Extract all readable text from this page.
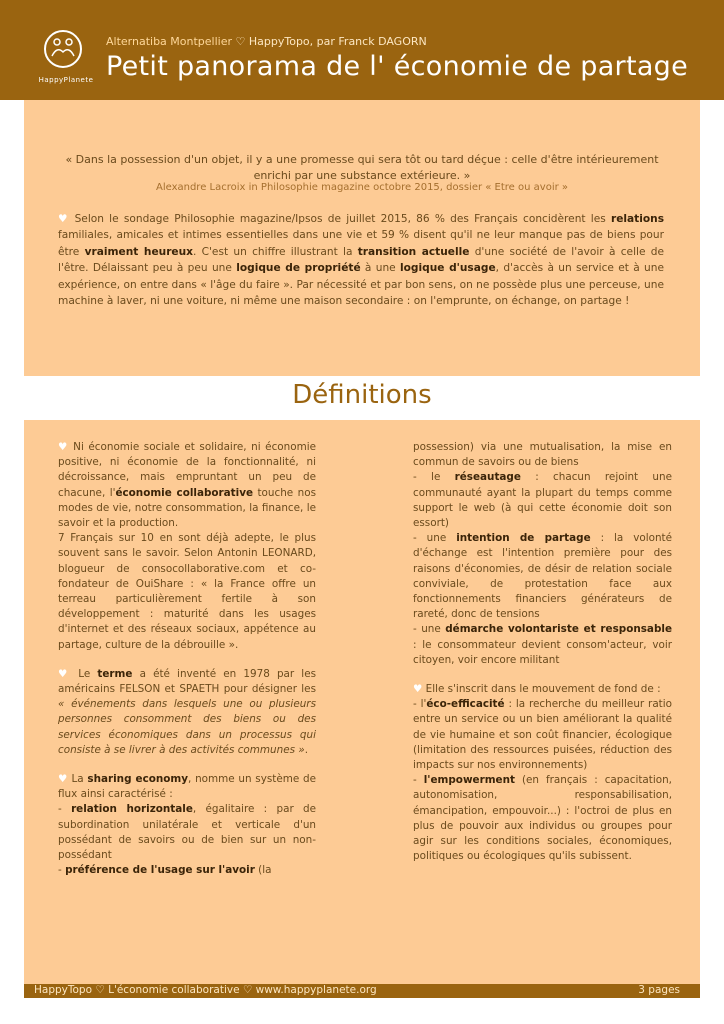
HappyPlanete
Alternatiba Montpellier ♡ HappyTopo, par Franck DAGORN
Petit panorama de l' économie de partage
« Dans la possession d'un objet, il y a une promesse qui sera tôt ou tard déçue : celle d'être intérieurement enrichi par une substance extérieure. »
Alexandre Lacroix in Philosophie magazine octobre 2015, dossier « Etre ou avoir »
♥ Selon le sondage Philosophie magazine/Ipsos de juillet 2015, 86 % des Français concidèrent les relations familiales, amicales et intimes essentielles dans une vie et 59 % disent qu'il ne leur manque pas de biens pour être vraiment heureux. C'est un chiffre illustrant la transition actuelle d'une société de l'avoir à celle de l'être. Délaissant peu à peu une logique de propriété à une logique d'usage, d'accès à un service et à une expérience, on entre dans « l'âge du faire ». Par nécessité et par bon sens, on ne possède plus une perceuse, une machine à laver, ni une voiture, ni même une maison secondaire : on l'emprunte, on échange, on partage !
Définitions

♥ Ni économie sociale et solidaire, ni économie positive, ni économie de la fonctionnalité, ni décroissance, mais empruntant un peu de chacune, l'économie collaborative touche nos modes de vie, notre consommation, la finance, le savoir et la production.

7 Français sur 10 en sont déjà adepte, le plus souvent sans le savoir. Selon Antonin LEONARD, blogueur de consocollaborative.com et co-fondateur de OuiShare : « la France offre un terreau particulièrement fertile à son développement : maturité dans les usages d'internet et des réseaux sociaux, appétence au partage, culture de la débrouille ».

♥ Le terme a été inventé en 1978 par les américains FELSON et SPAETH pour désigner les « événements dans lesquels une ou plusieurs personnes consomment des biens ou des services économiques dans un processus qui consiste à se livrer à des activités communes ».

♥ La sharing economy, nomme un système de flux ainsi caractérisé :

- relation horizontale, égalitaire : par de subordination unilatérale et verticale d'un possédant de savoirs ou de bien sur un non-possédant

- préférence de l'usage sur l'avoir (la

possession) via une mutualisation, la mise en commun de savoirs ou de biens

- le réseautage : chacun rejoint une communauté ayant la plupart du temps comme support le web (à qui cette économie doit son essort)

- une intention de partage : la volonté d'échange est l'intention première pour des raisons d'économies, de désir de relation sociale conviviale, de protestation face aux fonctionnements financiers générateurs de rareté, donc de tensions

- une démarche volontariste et responsable : le consommateur devient consom'acteur, voir citoyen, voir encore militant

♥ Elle s'inscrit dans le mouvement de fond de :

- l'éco-efficacité : la recherche du meilleur ratio entre un service ou un bien améliorant la qualité de vie humaine et son coût financier, écologique (limitation des ressources puisées, réduction des impacts sur nos environnements)

- l'empowerment (en français : capacitation, autonomisation, responsabilisation, émancipation, empouvoir...) : l'octroi de plus en plus de pouvoir aux individus ou groupes pour agir sur les conditions sociales, économiques, politiques ou écologiques qu'ils subissent.

HappyTopo ♡ L'économie collaborative ♡ www.happyplanete.org	3 pages
